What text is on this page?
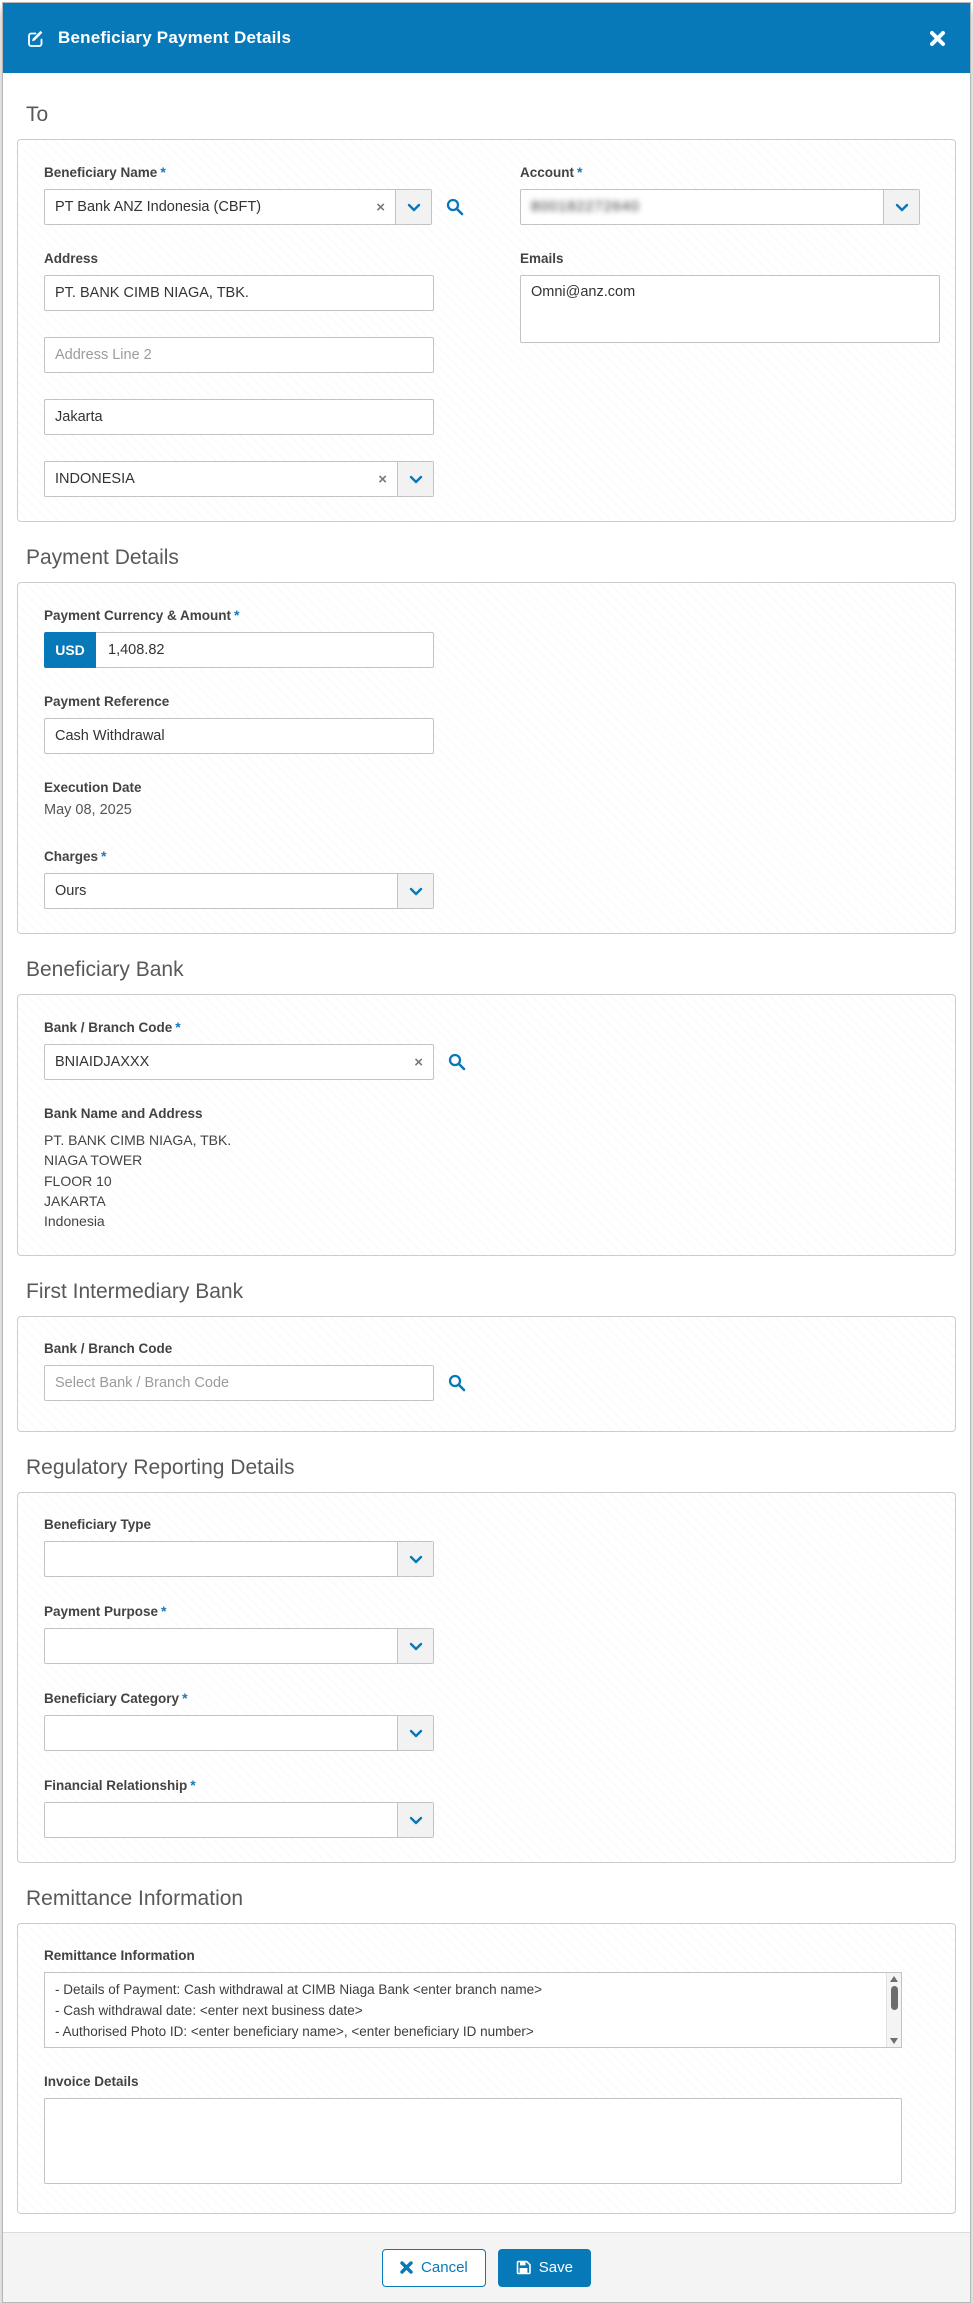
Beneficiary Payment Details
To
Beneficiary Name *
PT Bank ANZ Indonesia (CBFT)	×
Address
PT. BANK CIMB NIAGA, TBK.
Address Line 2
Jakarta
INDONESIA	×
Account *
800182272640
Emails
Omni@anz.com
Payment Details
Payment Currency & Amount *
USD	1,408.82
Payment Reference
Cash Withdrawal
Execution Date
May 08, 2025
Charges *
Ours
Beneficiary Bank
Bank / Branch Code *
BNIAIDJAXXX	×
Bank Name and Address
PT. BANK CIMB NIAGA, TBK.
NIAGA TOWER
FLOOR 10
JAKARTA
Indonesia
First Intermediary Bank
Bank / Branch Code
Select Bank / Branch Code
Regulatory Reporting Details
Beneficiary Type
Payment Purpose *
Beneficiary Category *
Financial Relationship *
Remittance Information
Remittance Information
- Details of Payment: Cash withdrawal at CIMB Niaga Bank <enter branch name>
- Cash withdrawal date: <enter next business date>
- Authorised Photo ID: <enter beneficiary name>, <enter beneficiary ID number>
Invoice Details
Cancel	Save
